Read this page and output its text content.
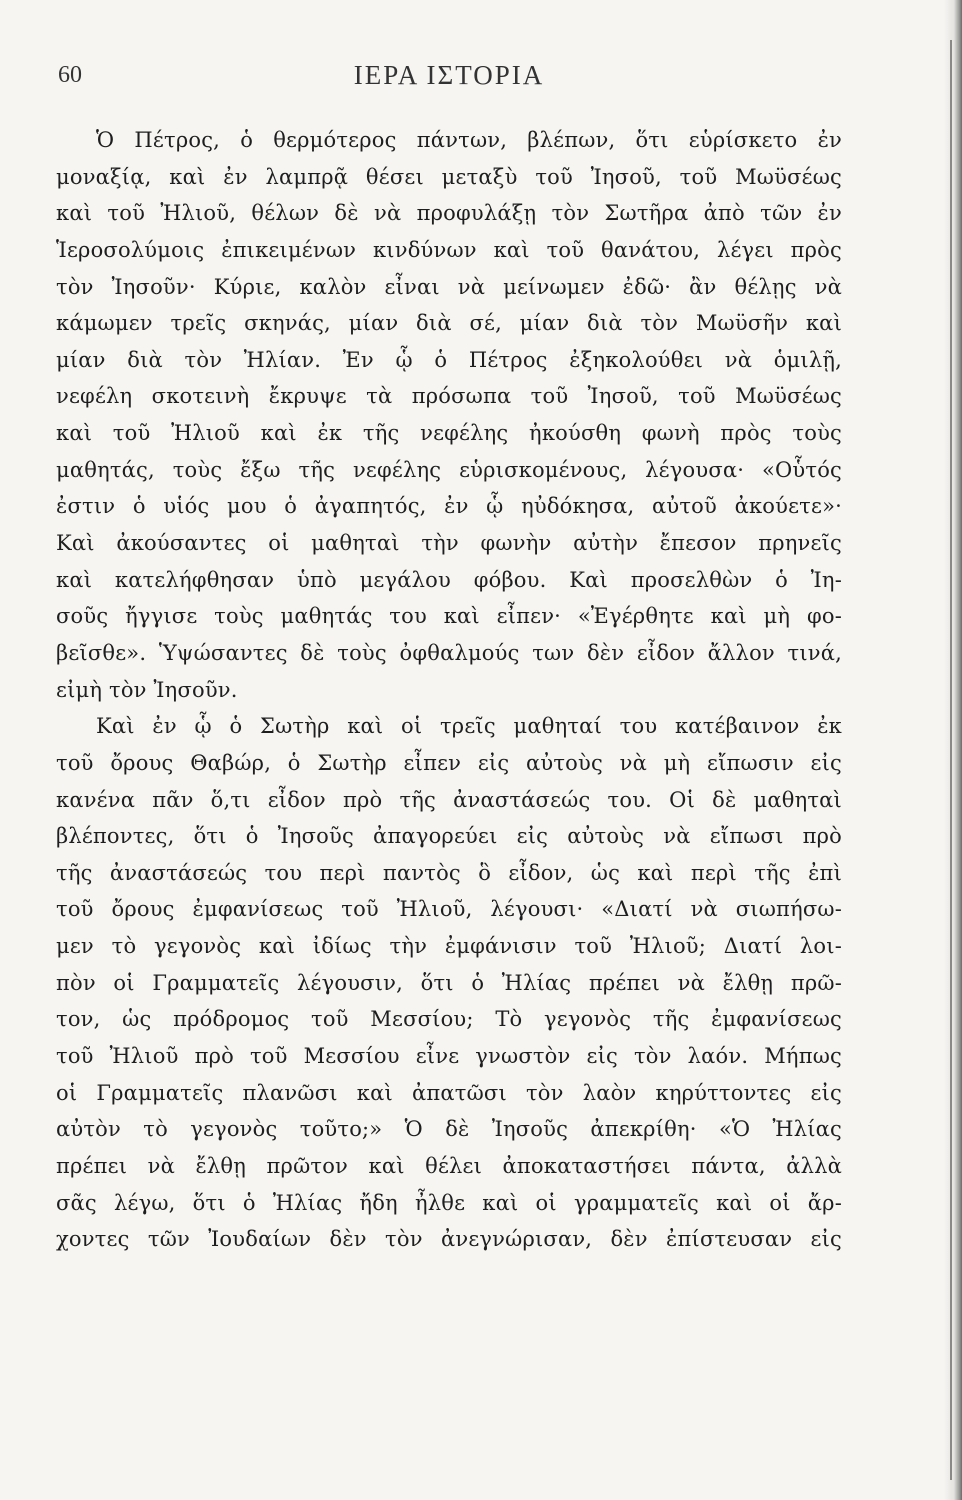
60	ΙΕΡΑ ΙΣΤΟΡΙΑ
Ὁ Πέτρος, ὁ θερμότερος πάντων, βλέπων, ὅτι εὑρίσκετο ἐν
μοναξίᾳ, καὶ ἐν λαμπρᾷ θέσει μεταξὺ τοῦ Ἰησοῦ, τοῦ Μωϋσέως
καὶ τοῦ Ἠλιοῦ, θέλων δὲ νὰ προφυλάξῃ τὸν Σωτῆρα ἀπὸ τῶν ἐν
Ἱεροσολύμοις ἐπικειμένων κινδύνων καὶ τοῦ θανάτου, λέγει πρὸς
τὸν Ἰησοῦν· Κύριε, καλὸν εἶναι νὰ μείνωμεν ἐδῶ· ἂν θέλῃς νὰ
κάμωμεν τρεῖς σκηνάς, μίαν διὰ σέ, μίαν διὰ τὸν Μωϋσῆν καὶ
μίαν διὰ τὸν Ἠλίαν. Ἐν ᾧ ὁ Πέτρος ἐξηκολούθει νὰ ὁμιλῇ,
νεφέλη σκοτεινὴ ἔκρυψε τὰ πρόσωπα τοῦ Ἰησοῦ, τοῦ Μωϋσέως
καὶ τοῦ Ἠλιοῦ καὶ ἐκ τῆς νεφέλης ἠκούσθη φωνὴ πρὸς τοὺς
μαθητάς, τοὺς ἔξω τῆς νεφέλης εὑρισκομένους, λέγουσα· «Οὗτός
ἐστιν ὁ υἱός μου ὁ ἀγαπητός, ἐν ᾧ ηὐδόκησα, αὐτοῦ ἀκούετε»·
Καὶ ἀκούσαντες οἱ μαθηταὶ τὴν φωνὴν αὐτὴν ἔπεσον πρηνεῖς
καὶ κατελήφθησαν ὑπὸ μεγάλου φόβου. Καὶ προσελθὼν ὁ Ἰη-
σοῦς ἤγγισε τοὺς μαθητάς του καὶ εἶπεν· «Ἐγέρθητε καὶ μὴ φο-
βεῖσθε». Ὑψώσαντες δὲ τοὺς ὀφθαλμούς των δὲν εἶδον ἄλλον τινά,
εἰμὴ τὸν Ἰησοῦν.
Καὶ ἐν ᾧ ὁ Σωτὴρ καὶ οἱ τρεῖς μαθηταί του κατέβαινον ἐκ
τοῦ ὄρους Θαβώρ, ὁ Σωτὴρ εἶπεν εἰς αὐτοὺς νὰ μὴ εἴπωσιν εἰς
κανένα πᾶν ὅ,τι εἶδον πρὸ τῆς ἀναστάσεώς του. Οἱ δὲ μαθηταὶ
βλέποντες, ὅτι ὁ Ἰησοῦς ἀπαγορεύει εἰς αὐτοὺς νὰ εἴπωσι πρὸ
τῆς ἀναστάσεώς του περὶ παντὸς ὃ εἶδον, ὡς καὶ περὶ τῆς ἐπὶ
τοῦ ὄρους ἐμφανίσεως τοῦ Ἠλιοῦ, λέγουσι· «Διατί νὰ σιωπήσω-
μεν τὸ γεγονὸς καὶ ἰδίως τὴν ἐμφάνισιν τοῦ Ἠλιοῦ; Διατί λοι-
πὸν οἱ Γραμματεῖς λέγουσιν, ὅτι ὁ Ἠλίας πρέπει νὰ ἔλθῃ πρῶ-
τον, ὡς πρόδρομος τοῦ Μεσσίου; Τὸ γεγονὸς τῆς ἐμφανίσεως
τοῦ Ἠλιοῦ πρὸ τοῦ Μεσσίου εἶνε γνωστὸν εἰς τὸν λαόν. Μήπως
οἱ Γραμματεῖς πλανῶσι καὶ ἀπατῶσι τὸν λαὸν κηρύττοντες εἰς
αὐτὸν τὸ γεγονὸς τοῦτο;» Ὁ δὲ Ἰησοῦς ἀπεκρίθη· «Ὁ Ἠλίας
πρέπει νὰ ἔλθῃ πρῶτον καὶ θέλει ἀποκαταστήσει πάντα, ἀλλὰ
σᾶς λέγω, ὅτι ὁ Ἠλίας ἤδη ἦλθε καὶ οἱ γραμματεῖς καὶ οἱ ἄρ-
χοντες τῶν Ἰουδαίων δὲν τὸν ἀνεγνώρισαν, δὲν ἐπίστευσαν εἰς
